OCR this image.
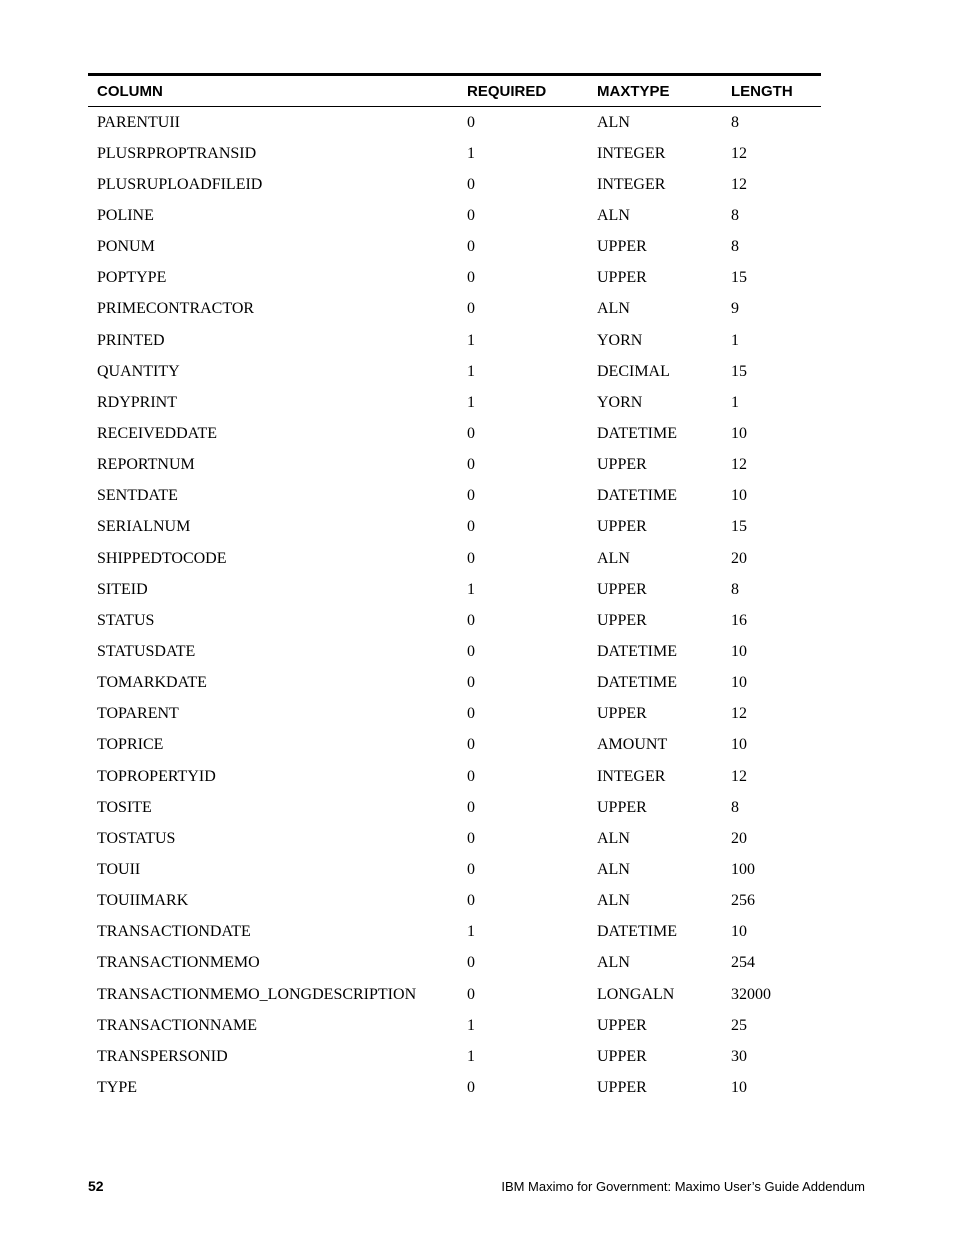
COLUMN	REQUIRED	MAXTYPE	LENGTH
PARENTUII	0	ALN	8
PLUSRPROPTRANSID	1	INTEGER	12
PLUSRUPLOADFILEID	0	INTEGER	12
POLINE	0	ALN	8
PONUM	0	UPPER	8
POPTYPE	0	UPPER	15
PRIMECONTRACTOR	0	ALN	9
PRINTED	1	YORN	1
QUANTITY	1	DECIMAL	15
RDYPRINT	1	YORN	1
RECEIVEDDATE	0	DATETIME	10
REPORTNUM	0	UPPER	12
SENTDATE	0	DATETIME	10
SERIALNUM	0	UPPER	15
SHIPPEDTOCODE	0	ALN	20
SITEID	1	UPPER	8
STATUS	0	UPPER	16
STATUSDATE	0	DATETIME	10
TOMARKDATE	0	DATETIME	10
TOPARENT	0	UPPER	12
TOPRICE	0	AMOUNT	10
TOPROPERTYID	0	INTEGER	12
TOSITE	0	UPPER	8
TOSTATUS	0	ALN	20
TOUII	0	ALN	100
TOUIIMARK	0	ALN	256
TRANSACTIONDATE	1	DATETIME	10
TRANSACTIONMEMO	0	ALN	254
TRANSACTIONMEMO_LONGDESCRIPTION	0	LONGALN	32000
TRANSACTIONNAME	1	UPPER	25
TRANSPERSONID	1	UPPER	30
TYPE	0	UPPER	10
52	IBM Maximo for Government: Maximo User’s Guide Addendum
